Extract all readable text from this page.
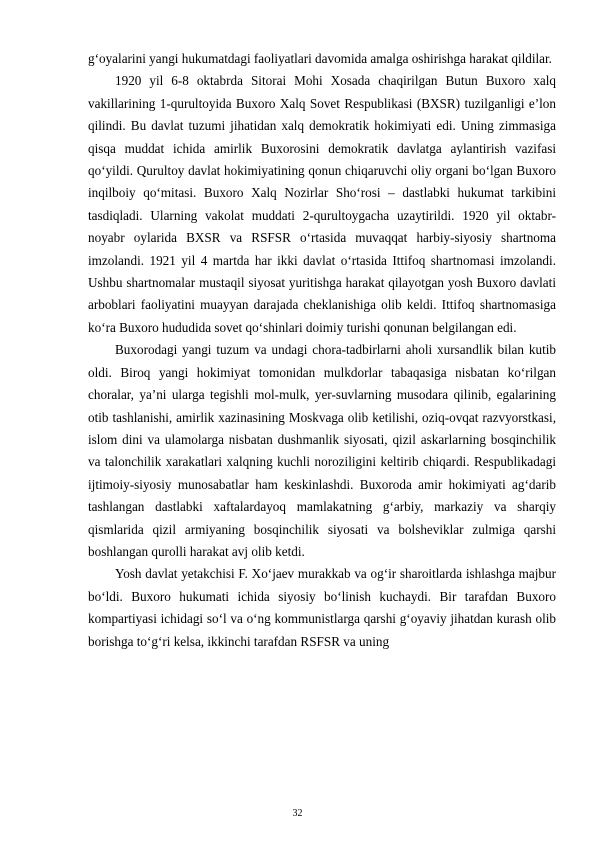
g‘oyalarini yangi hukumatdagi faoliyatlari davomida amalga oshirishga harakat qildilar.

1920 yil 6-8 oktabrda Sitorai Mohi Xosada chaqirilgan Butun Buxoro xalq vakillarining 1-qurultoyida Buxoro Xalq Sovet Respublikasi (BXSR) tuzilganligi e’lon qilindi. Bu davlat tuzumi jihatidan xalq demokratik hokimiyati edi. Uning zimmasiga qisqa muddat ichida amirlik Buxorosini demokratik davlatga aylantirish vazifasi qo‘yildi. Qurultoy davlat hokimiyatining qonun chiqaruvchi oliy organi bo‘lgan Buxoro inqilboiy qo‘mitasi. Buxoro Xalq Nozirlar Sho‘rosi – dastlabki hukumat tarkibini tasdiqladi. Ularning vakolat muddati 2-qurultoygacha uzaytirildi. 1920 yil oktabr-noyabr oylarida BXSR va RSFSR o‘rtasida muvaqqat harbiy-siyosiy shartnoma imzolandi. 1921 yil 4 martda har ikki davlat o‘rtasida Ittifoq shartnomasi imzolandi. Ushbu shartnomalar mustaqil siyosat yuritishga harakat qilayotgan yosh Buxoro davlati arboblari faoliyatini muayyan darajada cheklanishiga olib keldi. Ittifoq shartnomasiga ko‘ra Buxoro hududida sovet qo‘shinlari doimiy turishi qonunan belgilangan edi.

Buxorodagi yangi tuzum va undagi chora-tadbirlarni aholi xursandlik bilan kutib oldi. Biroq yangi hokimiyat tomonidan mulkdorlar tabaqasiga nisbatan ko‘rilgan choralar, ya’ni ularga tegishli mol-mulk, yer-suvlarning musodara qilinib, egalarining otib tashlanishi, amirlik xazinasining Moskvaga olib ketilishi, oziq-ovqat razvyorstkasi, islom dini va ulamolarga nisbatan dushmanlik siyosati, qizil askarlarning bosqinchilik va talonchilik xarakatlari xalqning kuchli noroziligini keltirib chiqardi. Respublikadagi ijtimoiy-siyosiy munosabatlar ham keskinlashdi. Buxoroda amir hokimiyati ag‘darib tashlangan dastlabki xaftalardayoq mamlakatning g‘arbiy, markaziy va sharqiy qismlarida qizil armiyaning bosqinchilik siyosati va bolsheviklar zulmiga qarshi boshlangan qurolli harakat avj olib ketdi.

Yosh davlat yetakchisi F. Xo‘jaev murakkab va og‘ir sharoitlarda ishlashga majbur bo‘ldi. Buxoro hukumati ichida siyosiy bo‘linish kuchaydi. Bir tarafdan Buxoro kompartiyasi ichidagi so‘l va o‘ng kommunistlarga qarshi g‘oyaviy jihatdan kurash olib borishga to‘g‘ri kelsa, ikkinchi tarafdan RSFSR va uning

32
